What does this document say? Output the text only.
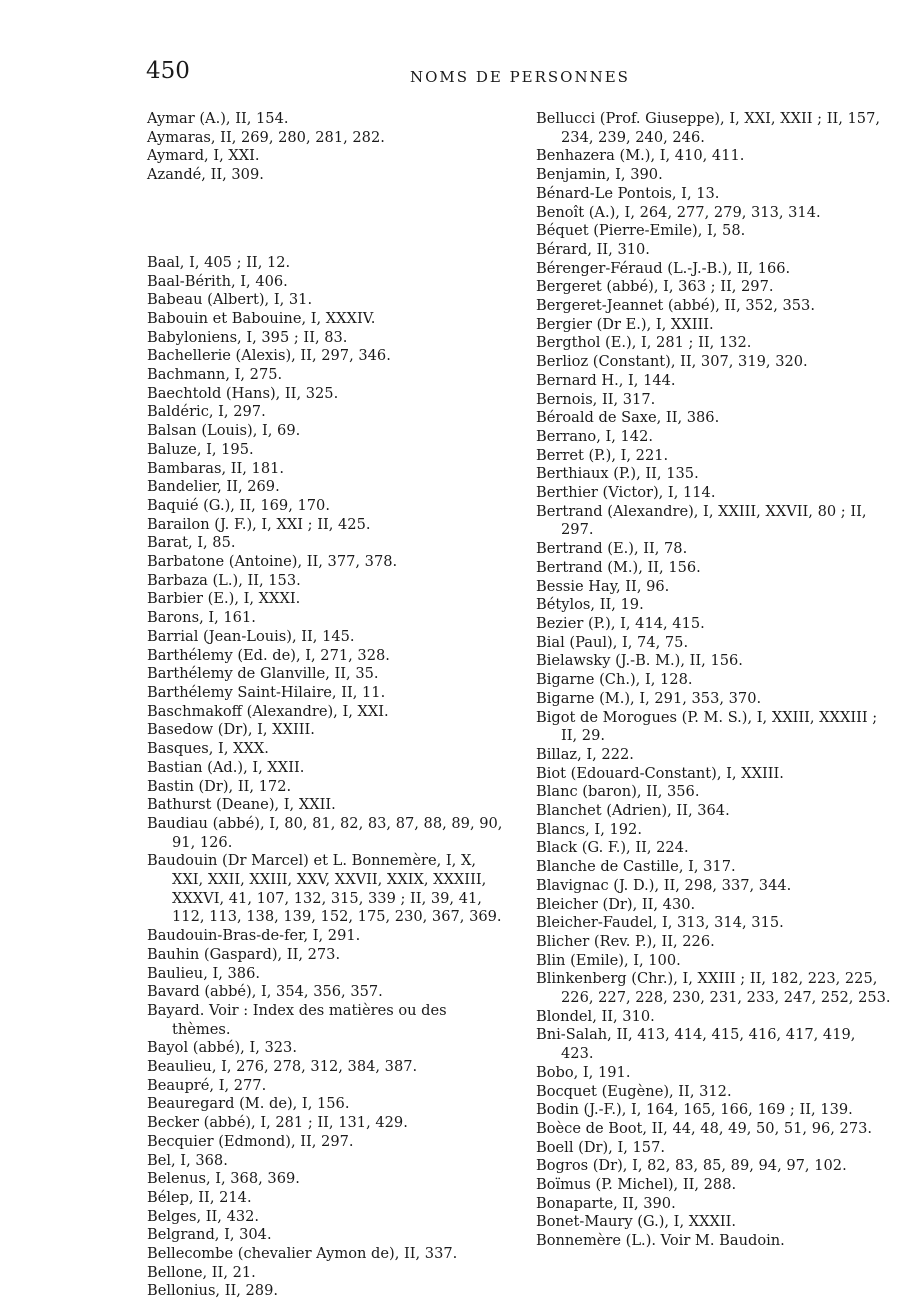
450	NOMS DE PERSONNES

Aymar (A.), II, 154.

Aymaras, II, 269, 280, 281, 282.

Aymard, I, XXI.

Azandé, II, 309.

Baal, I, 405 ; II, 12.

Baal-Bérith, I, 406.

Babeau (Albert), I, 31.

Babouin et Babouine, I, XXXIV.

Babyloniens, I, 395 ; II, 83.

Bachellerie (Alexis), II, 297, 346.

Bachmann, I, 275.

Baechtold (Hans), II, 325.

Baldéric, I, 297.

Balsan (Louis), I, 69.

Baluze, I, 195.

Bambaras, II, 181.

Bandelier, II, 269.

Baquié (G.), II, 169, 170.

Barailon (J. F.), I, XXI ; II, 425.

Barat, I, 85.

Barbatone (Antoine), II, 377, 378.

Barbaza (L.), II, 153.

Barbier (E.), I, XXXI.

Barons, I, 161.

Barrial (Jean-Louis), II, 145.

Barthélemy (Ed. de), I, 271, 328.

Barthélemy de Glanville, II, 35.

Barthélemy Saint-Hilaire, II, 11.

Baschmakoff (Alexandre), I, XXI.

Basedow (Dr), I, XXIII.

Basques, I, XXX.

Bastian (Ad.), I, XXII.

Bastin (Dr), II, 172.

Bathurst (Deane), I, XXII.

Baudiau (abbé), I, 80, 81, 82, 83, 87, 88, 89, 90, 91, 126.

Baudouin (Dr Marcel) et L. Bonnemère, I, X, XXI, XXII, XXIII, XXV, XXVII, XXIX, XXXIII, XXXVI, 41, 107, 132, 315, 339 ; II, 39, 41, 112, 113, 138, 139, 152, 175, 230, 367, 369.

Baudouin-Bras-de-fer, I, 291.

Bauhin (Gaspard), II, 273.

Baulieu, I, 386.

Bavard (abbé), I, 354, 356, 357.

Bayard. Voir : Index des matières ou des thèmes.

Bayol (abbé), I, 323.

Beaulieu, I, 276, 278, 312, 384, 387.

Beaupré, I, 277.

Beauregard (M. de), I, 156.

Becker (abbé), I, 281 ; II, 131, 429.

Becquier (Edmond), II, 297.

Bel, I, 368.

Belenus, I, 368, 369.

Bélep, II, 214.

Belges, II, 432.

Belgrand, I, 304.

Bellecombe (chevalier Aymon de), II, 337.

Bellone, II, 21.

Bellonius, II, 289.

Bellucci (Prof. Giuseppe), I, XXI, XXII ; II, 157, 234, 239, 240, 246.

Benhazera (M.), I, 410, 411.

Benjamin, I, 390.

Bénard-Le Pontois, I, 13.

Benoît (A.), I, 264, 277, 279, 313, 314.

Béquet (Pierre-Emile), I, 58.

Bérard, II, 310.

Bérenger-Féraud (L.-J.-B.), II, 166.

Bergeret (abbé), I, 363 ; II, 297.

Bergeret-Jeannet (abbé), II, 352, 353.

Bergier (Dr E.), I, XXIII.

Bergthol (E.), I, 281 ; II, 132.

Berlioz (Constant), II, 307, 319, 320.

Bernard H., I, 144.

Bernois, II, 317.

Béroald de Saxe, II, 386.

Berrano, I, 142.

Berret (P.), I, 221.

Berthiaux (P.), II, 135.

Berthier (Victor), I, 114.

Bertrand (Alexandre), I, XXIII, XXVII, 80 ; II, 297.

Bertrand (E.), II, 78.

Bertrand (M.), II, 156.

Bessie Hay, II, 96.

Bétylos, II, 19.

Bezier (P.), I, 414, 415.

Bial (Paul), I, 74, 75.

Bielawsky (J.-B. M.), II, 156.

Bigarne (Ch.), I, 128.

Bigarne (M.), I, 291, 353, 370.

Bigot de Morogues (P. M. S.), I, XXIII, XXXIII ; II, 29.

Billaz, I, 222.

Biot (Edouard-Constant), I, XXIII.

Blanc (baron), II, 356.

Blanchet (Adrien), II, 364.

Blancs, I, 192.

Black (G. F.), II, 224.

Blanche de Castille, I, 317.

Blavignac (J. D.), II, 298, 337, 344.

Bleicher (Dr), II, 430.

Bleicher-Faudel, I, 313, 314, 315.

Blicher (Rev. P.), II, 226.

Blin (Emile), I, 100.

Blinkenberg (Chr.), I, XXIII ; II, 182, 223, 225, 226, 227, 228, 230, 231, 233, 247, 252, 253.

Blondel, II, 310.

Bni-Salah, II, 413, 414, 415, 416, 417, 419, 423.

Bobo, I, 191.

Bocquet (Eugène), II, 312.

Bodin (J.-F.), I, 164, 165, 166, 169 ; II, 139.

Boèce de Boot, II, 44, 48, 49, 50, 51, 96, 273.

Boell (Dr), I, 157.

Bogros (Dr), I, 82, 83, 85, 89, 94, 97, 102.

Boïmus (P. Michel), II, 288.

Bonaparte, II, 390.

Bonet-Maury (G.), I, XXXII.

Bonnemère (L.). Voir M. Baudoin.
